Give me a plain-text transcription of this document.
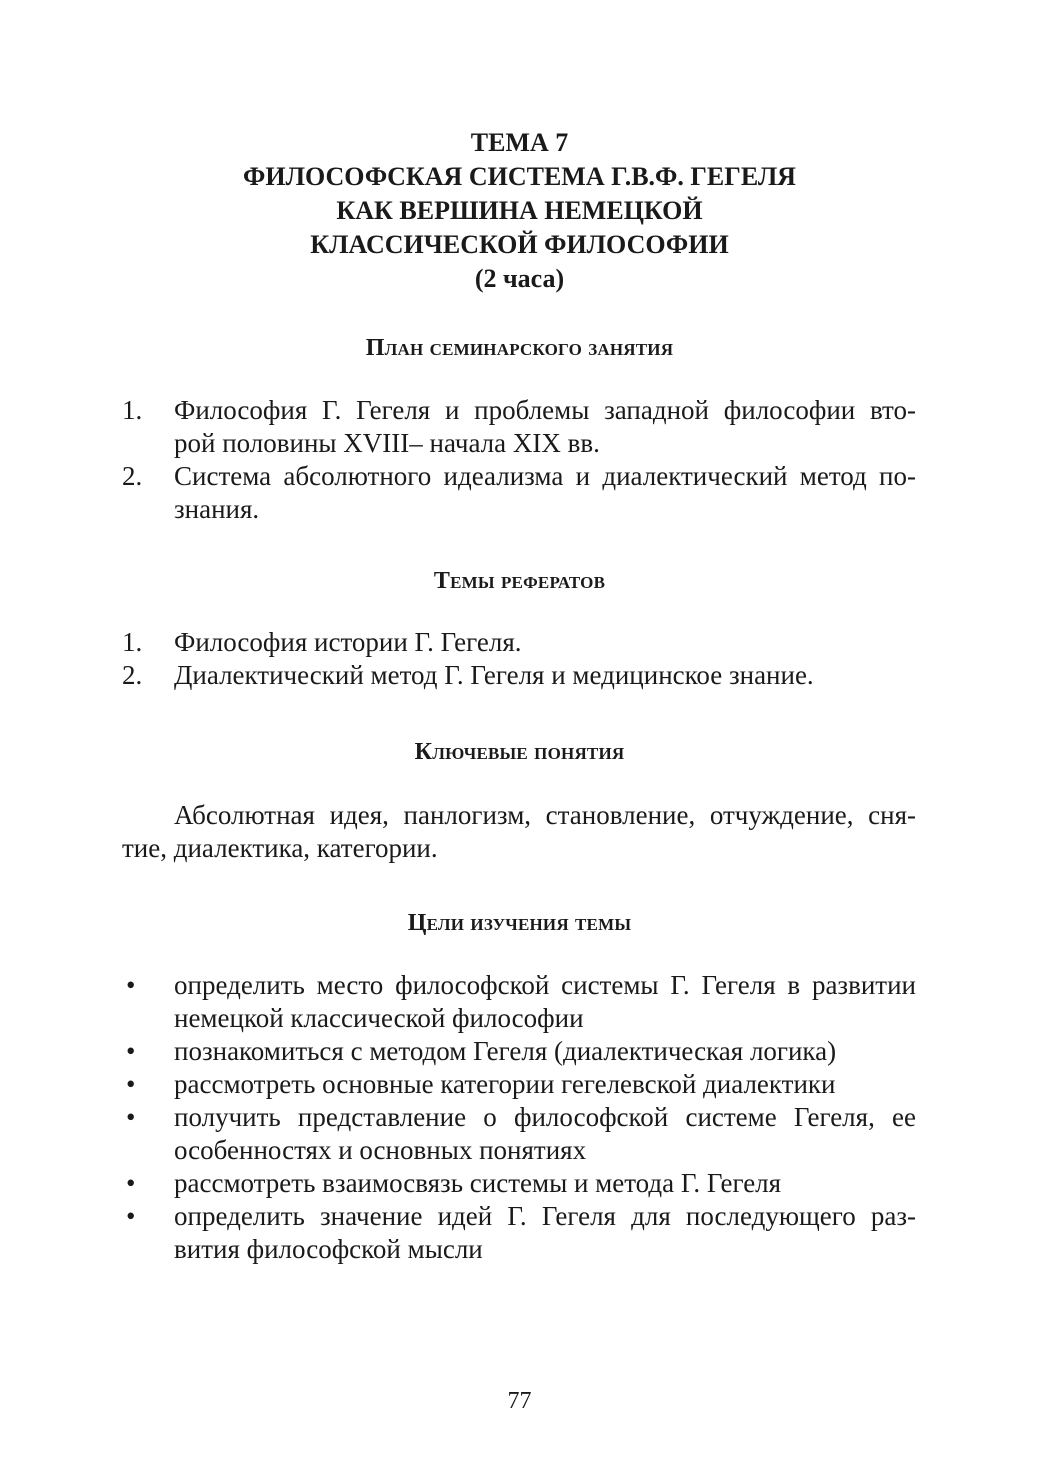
ТЕМА 7
ФИЛОСОФСКАЯ СИСТЕМА Г.В.Ф. ГЕГЕЛЯ
КАК ВЕРШИНА НЕМЕЦКОЙ
КЛАССИЧЕСКОЙ ФИЛОСОФИИ
(2 часа)
План семинарского занятия
1.	Философия Г. Гегеля и проблемы западной философии вто-
рой половины XVIII– начала XIX вв.
2.	Система абсолютного идеализма и диалектический метод по-
знания.
Темы рефератов
1.	Философия истории Г. Гегеля.
2.	Диалектический метод Г. Гегеля и медицинское знание.
Ключевые понятия
Абсолютная идея, панлогизм, становление, отчуждение, сня-
тие, диалектика, категории.
Цели изучения темы
•	определить место философской системы Г. Гегеля в развитии
немецкой классической философии
•	познакомиться с методом Гегеля (диалектическая логика)
•	рассмотреть основные категории гегелевской диалектики
•	получить представление о философской системе Гегеля, ее
особенностях и основных понятиях
•	рассмотреть взаимосвязь системы и метода Г. Гегеля
•	определить значение идей Г. Гегеля для последующего раз-
вития философской мысли
77
